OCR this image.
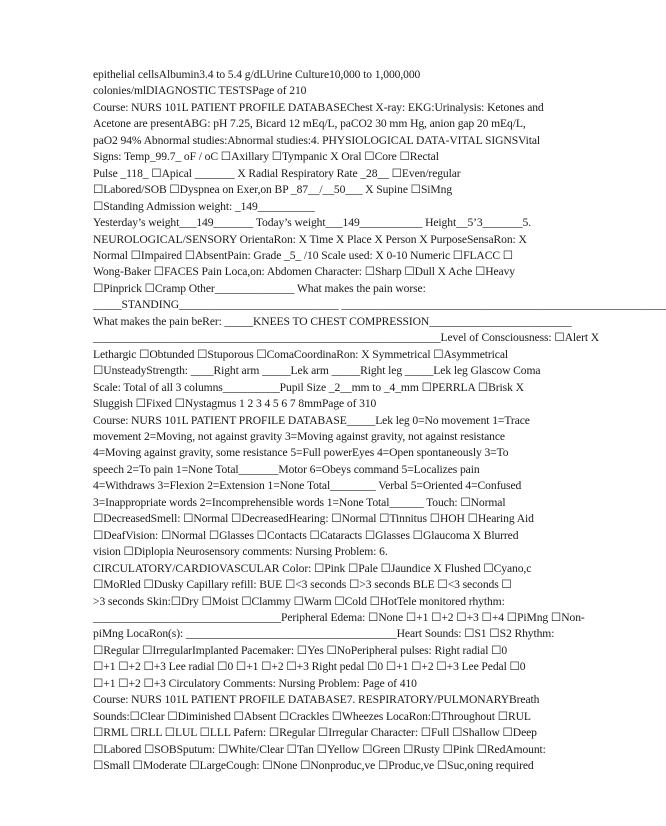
epithelial cellsAlbumin3.4 to 5.4 g/dLUrine Culture10,000 to 1,000,000
colonies/mlDIAGNOSTIC TESTSPage of 210
Course: NURS 101L PATIENT PROFILE DATABASEChest X-ray: EKG:Urinalysis: Ketones and
Acetone are presentABG: pH 7.25, Bicard 12 mEq/L, paCO2 30 mm Hg, anion gap 20 mEq/L,
paO2 94% Abnormal studies:Abnormal studies:4. PHYSIOLOGICAL DATA-VITAL SIGNSVital
Signs: Temp_99.7_ oF / oC ☐Axillary ☐Tympanic X Oral ☐Core ☐Rectal
Pulse _118_ ☐Apical _______ X Radial Respiratory Rate _28__ ☐Even/regular
☐Labored/SOB ☐Dyspnea on Exer,on BP _87__/__50___ X Supine ☐SiMng
☐Standing Admission weight: _149__________
Yesterday’s weight___149_______ Today’s weight___149___________ Height__5’3_______5.
NEUROLOGICAL/SENSORY OrientaRon: X Time X Place X Person X PurposeSensaRon: X
Normal ☐Impaired ☐AbsentPain: Grade _5_ /10 Scale used: X 0-10 Numeric ☐FLACC ☐
Wong-Baker ☐FACES Pain Loca,on: Abdomen Character: ☐Sharp ☐Dull X Ache ☐Heavy
☐Pinprick ☐Cramp Other______________ What makes the pain worse:
_____STANDING____________________________ _________________________________________________________
What makes the pain beRer: _____KNEES TO CHEST COMPRESSION_________________________
_____________________________________________________________Level of Consciousness: ☐Alert X
Lethargic ☐Obtunded ☐Stuporous ☐ComaCoordinaRon: X Symmetrical ☐Asymmetrical
☐UnsteadyStrength: ____Right arm _____Lek arm _____Right leg _____Lek leg Glascow Coma
Scale: Total of all 3 columns__________Pupil Size _2__mm to _4_mm ☐PERRLA ☐Brisk X
Sluggish ☐Fixed ☐Nystagmus 1 2 3 4 5 6 7 8mmPage of 310
Course: NURS 101L PATIENT PROFILE DATABASE_____Lek leg 0=No movement 1=Trace
movement 2=Moving, not against gravity 3=Moving against gravity, not against resistance
4=Moving against gravity, some resistance 5=Full powerEyes 4=Open spontaneously 3=To
speech 2=To pain 1=None Total_______Motor 6=Obeys command 5=Localizes pain
4=Withdraws 3=Flexion 2=Extension 1=None Total________ Verbal 5=Oriented 4=Confused
3=Inappropriate words 2=Incomprehensible words 1=None Total______ Touch: ☐Normal
☐DecreasedSmell: ☐Normal ☐DecreasedHearing: ☐Normal ☐Tinnitus ☐HOH ☐Hearing Aid
☐DeafVision: ☐Normal ☐Glasses ☐Contacts ☐Cataracts ☐Glasses ☐Glaucoma X Blurred
vision ☐Diplopia Neurosensory comments: Nursing Problem: 6.
CIRCULATORY/CARDIOVASCULAR Color: ☐Pink ☐Pale ☐Jaundice X Flushed ☐Cyano,c
☐MoRled ☐Dusky Capillary refill: BUE ☐<3 seconds ☐>3 seconds BLE ☐<3 seconds ☐
>3 seconds Skin:☐Dry ☐Moist ☐Clammy ☐Warm ☐Cold ☐HotTele monitored rhythm:
_________________________________Peripheral Edema: ☐None ☐+1 ☐+2 ☐+3 ☐+4 ☐PiMng ☐Non-
piMng LocaRon(s): _____________________________________Heart Sounds: ☐S1 ☐S2 Rhythm:
☐Regular ☐IrregularImplanted Pacemaker: ☐Yes ☐NoPeripheral pulses: Right radial ☐0
☐+1 ☐+2 ☐+3 Lee radial ☐0 ☐+1 ☐+2 ☐+3 Right pedal ☐0 ☐+1 ☐+2 ☐+3 Lee Pedal ☐0
☐+1 ☐+2 ☐+3 Circulatory Comments: Nursing Problem: Page of 410
Course: NURS 101L PATIENT PROFILE DATABASE7. RESPIRATORY/PULMONARYBreath
Sounds:☐Clear ☐Diminished ☐Absent ☐Crackles ☐Wheezes LocaRon:☐Throughout ☐RUL
☐RML ☐RLL ☐LUL ☐LLL Pafern: ☐Regular ☐Irregular Character: ☐Full ☐Shallow ☐Deep
☐Labored ☐SOBSputum: ☐White/Clear ☐Tan ☐Yellow ☐Green ☐Rusty ☐Pink ☐RedAmount:
☐Small ☐Moderate ☐LargeCough: ☐None ☐Nonproduc,ve ☐Produc,ve ☐Suc,oning required
